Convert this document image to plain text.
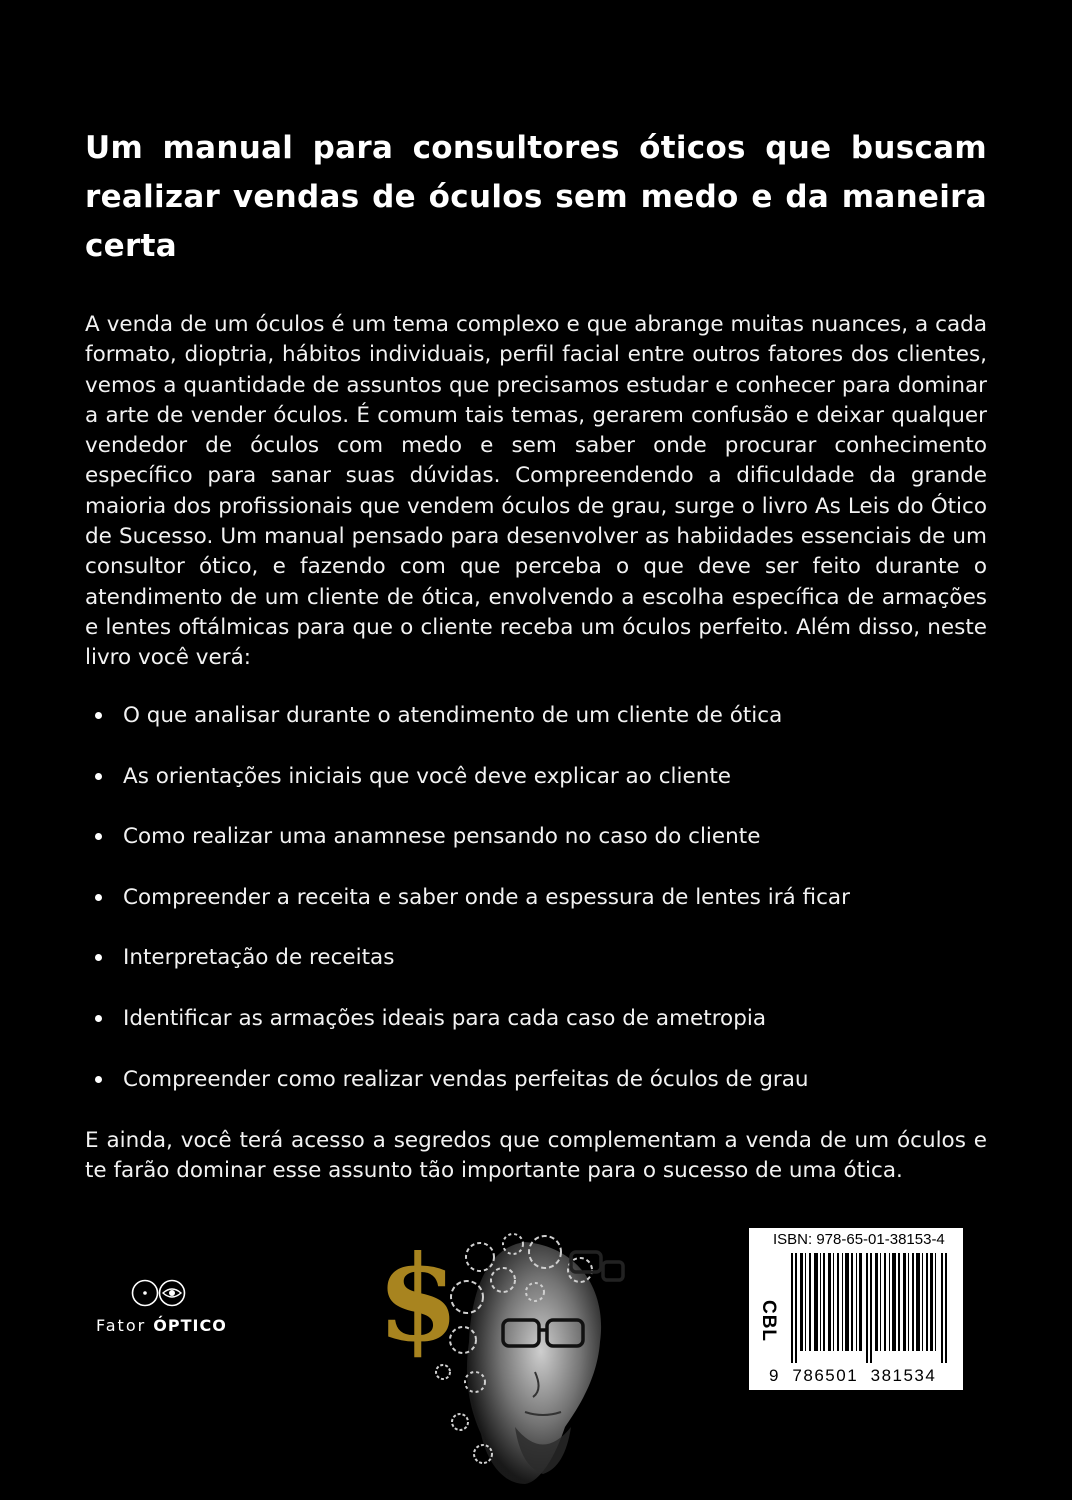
Um manual para consultores óticos que buscam realizar vendas de óculos sem medo e da maneira certa

A venda de um óculos é um tema complexo e que abrange muitas nuances, a cada formato, dioptria, hábitos individuais, perfil facial entre outros fatores dos clientes, vemos a quantidade de assuntos que precisamos estudar e conhecer para dominar a arte de vender óculos. É comum tais temas, gerarem confusão e deixar qualquer vendedor de óculos com medo e sem saber onde procurar conhecimento específico para sanar suas dúvidas. Compreendendo a dificuldade da grande maioria dos profissionais que vendem óculos de grau, surge o livro As Leis do Ótico de Sucesso. Um manual pensado para desenvolver as habiidades essenciais de um consultor ótico, e fazendo com que perceba o que deve ser feito durante o atendimento de um cliente de ótica, envolvendo a escolha específica de armações e lentes oftálmicas para que o cliente receba um óculos perfeito. Além disso, neste livro você verá:

O que analisar durante o atendimento de um cliente de ótica
As orientações iniciais que você deve explicar ao cliente
Como realizar uma anamnese pensando no caso do cliente
Compreender a receita e saber onde a espessura de lentes irá ficar
Interpretação de receitas
Identificar as armações ideais para cada caso de ametropia
Compreender como realizar vendas perfeitas de óculos de grau

E ainda, você terá acesso a segredos que complementam a venda de um óculos e te farão dominar esse assunto tão importante para o sucesso de uma ótica.

Fator ÓPTICO $	ISBN: 978-65-01-38153-4
CBL
9 786501 381534
